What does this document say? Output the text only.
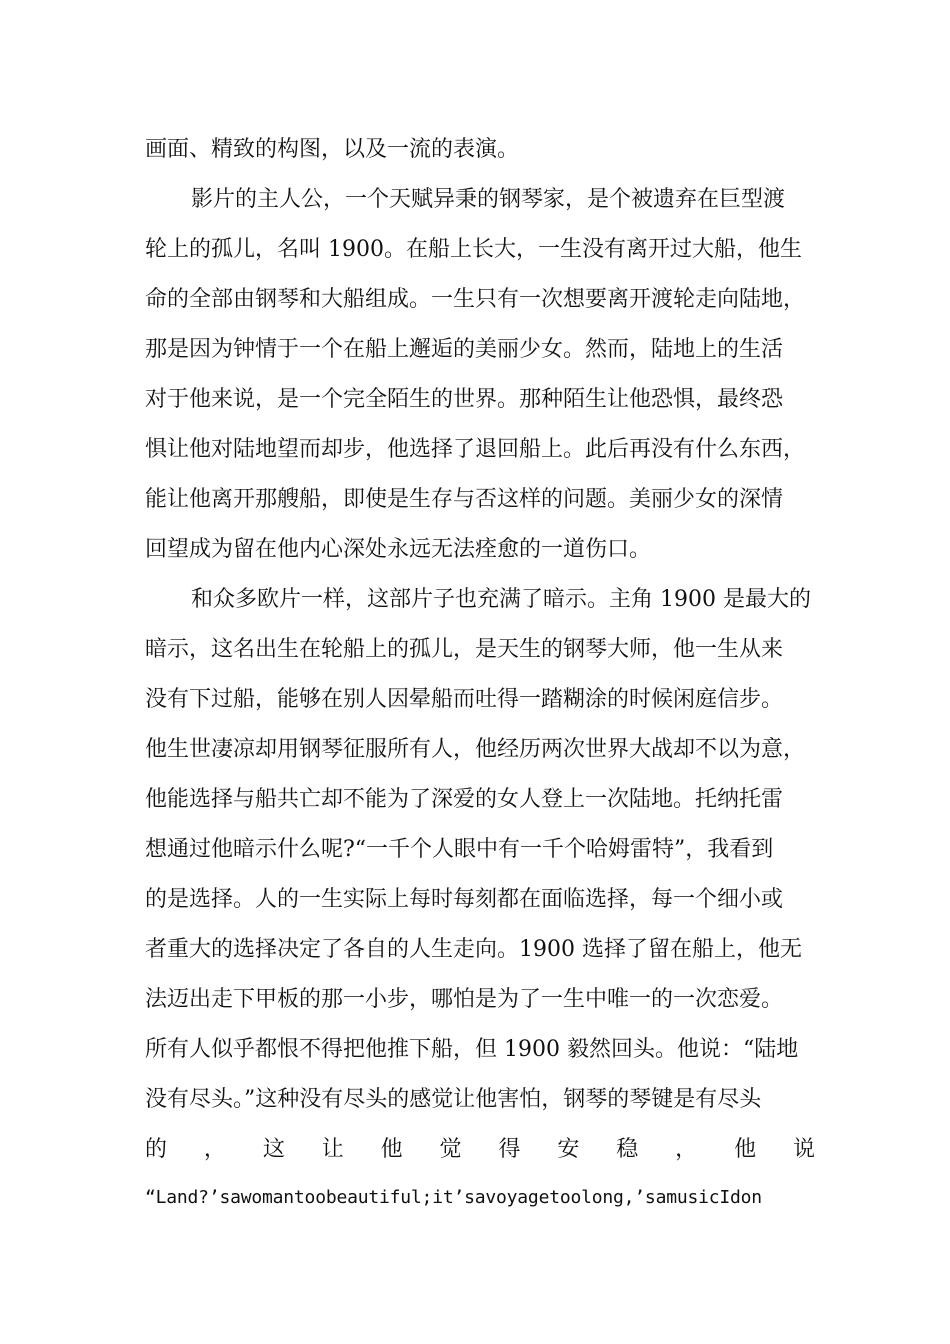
画面、精致的构图，以及一流的表演。
影片的主人公，一个天赋异秉的钢琴家，是个被遗弃在巨型渡
轮上的孤儿，名叫 1900。在船上长大，一生没有离开过大船，他生
命的全部由钢琴和大船组成。一生只有一次想要离开渡轮走向陆地，
那是因为钟情于一个在船上邂逅的美丽少女。然而，陆地上的生活
对于他来说，是一个完全陌生的世界。那种陌生让他恐惧，最终恐
惧让他对陆地望而却步，他选择了退回船上。此后再没有什么东西，
能让他离开那艘船，即使是生存与否这样的问题。美丽少女的深情
回望成为留在他内心深处永远无法痊愈的一道伤口。
和众多欧片一样，这部片子也充满了暗示。主角 1900 是最大的
暗示，这名出生在轮船上的孤儿，是天生的钢琴大师，他一生从来
没有下过船，能够在别人因晕船而吐得一踏糊涂的时候闲庭信步。
他生世凄凉却用钢琴征服所有人，他经历两次世界大战却不以为意，
他能选择与船共亡却不能为了深爱的女人登上一次陆地。托纳托雷
想通过他暗示什么呢?“一千个人眼中有一千个哈姆雷特”，我看到
的是选择。人的一生实际上每时每刻都在面临选择，每一个细小或
者重大的选择决定了各自的人生走向。1900 选择了留在船上，他无
法迈出走下甲板的那一小步，哪怕是为了一生中唯一的一次恋爱。
所有人似乎都恨不得把他推下船，但 1900 毅然回头。他说：“陆地
没有尽头。”这种没有尽头的感觉让他害怕，钢琴的琴键是有尽头
的 ， 这 让 他 觉 得 安 稳 ， 他 说
“Land?’sawomantoobeautiful;it’savoyagetoolong,’samusicIdon
